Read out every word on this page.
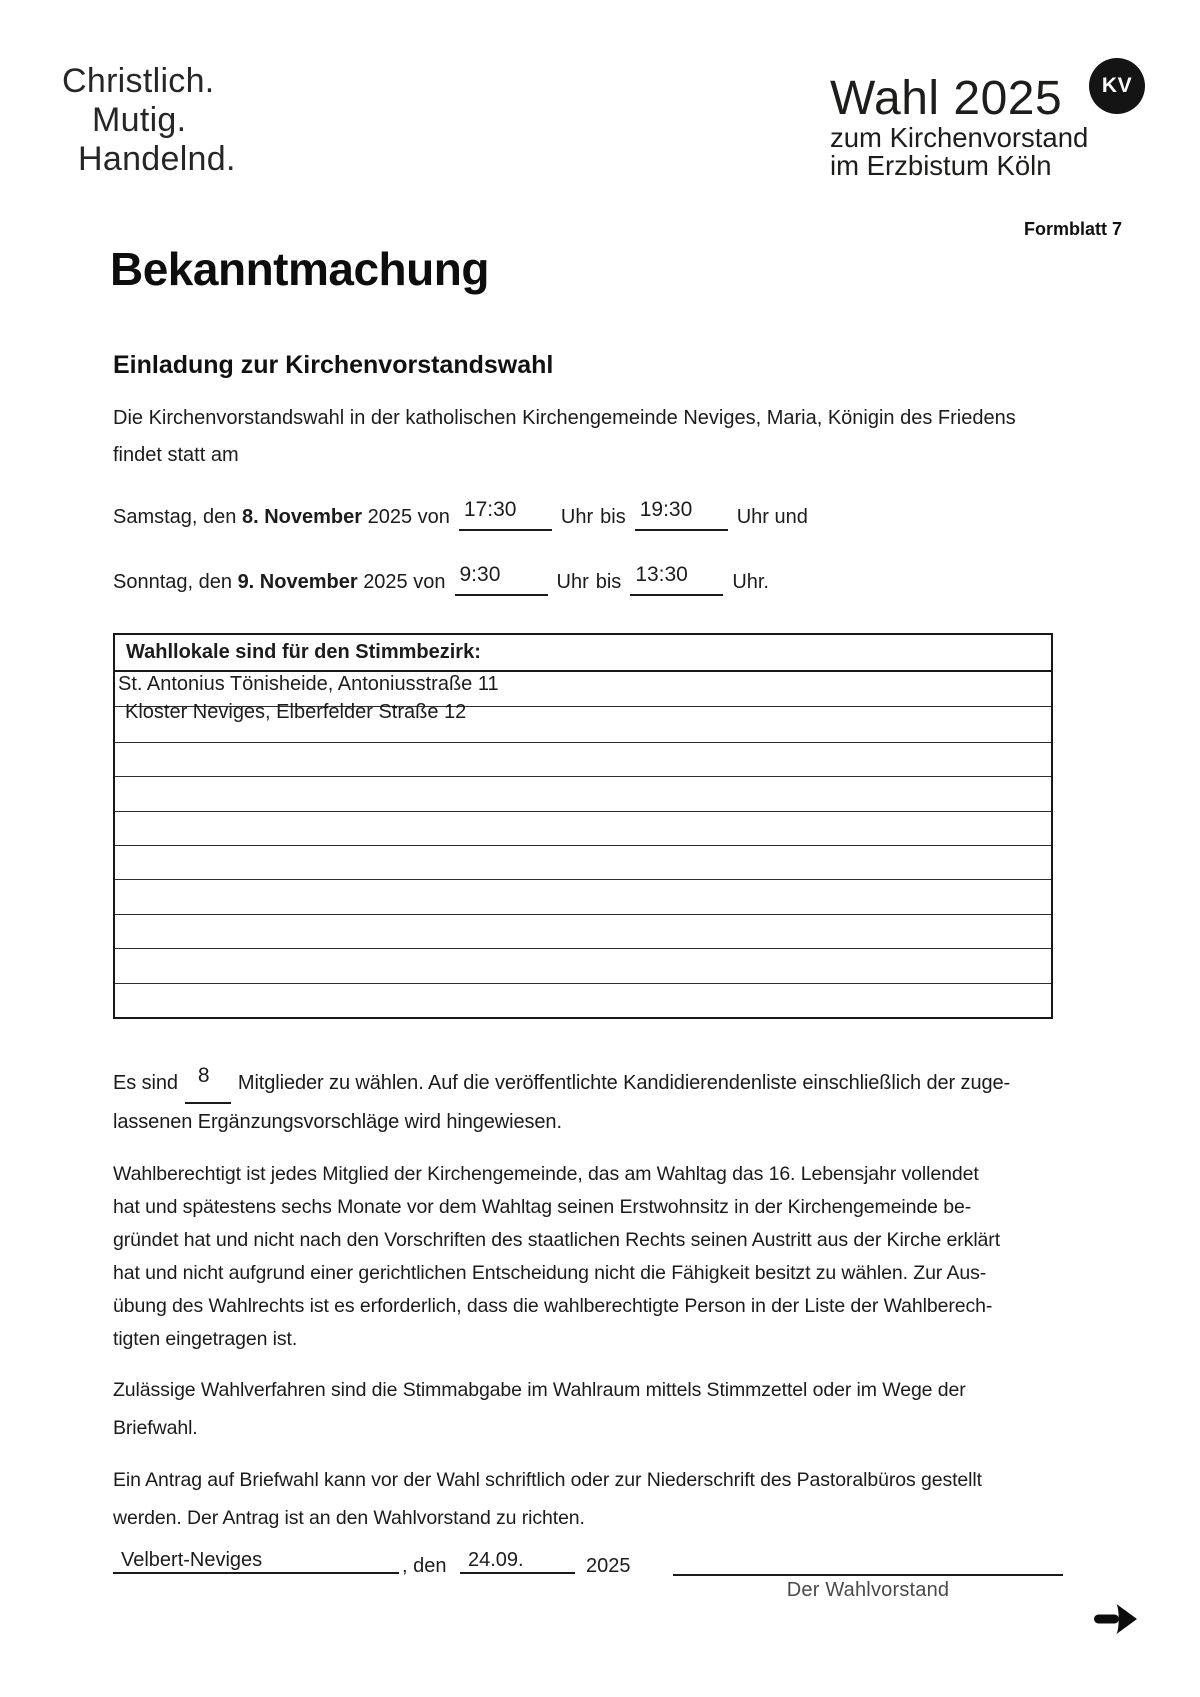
Christlich.
Mutig.
Handelnd.
Wahl 2025
zum Kirchenvorstand
im Erzbistum Köln
KV
Formblatt 7
Bekanntmachung
Einladung zur Kirchenvorstandswahl
Die Kirchenvorstandswahl in der katholischen Kirchengemeinde Neviges, Maria, Königin des Friedens
findet statt am
Samstag, den 8. November 2025 von 17:30 Uhr bis 19:30 Uhr und
Sonntag, den 9. November 2025 von 9:30	Uhr bis 13:30 Uhr.
Wahllokale sind für den Stimmbezirk:
St. Antonius Tönisheide, Antoniusstraße 11
Kloster Neviges, Elberfelder Straße 12
Es sind 8 Mitglieder zu wählen. Auf die veröffentlichte Kandidierendenliste einschließlich der zuge-
lassenen Ergänzungsvorschläge wird hingewiesen.
Wahlberechtigt ist jedes Mitglied der Kirchengemeinde, das am Wahltag das 16. Lebensjahr vollendet
hat und spätestens sechs Monate vor dem Wahltag seinen Erstwohnsitz in der Kirchengemeinde be-
gründet hat und nicht nach den Vorschriften des staatlichen Rechts seinen Austritt aus der Kirche erklärt
hat und nicht aufgrund einer gerichtlichen Entscheidung nicht die Fähigkeit besitzt zu wählen. Zur Aus-
übung des Wahlrechts ist es erforderlich, dass die wahlberechtigte Person in der Liste der Wahlberech-
tigten eingetragen ist.
Zulässige Wahlverfahren sind die Stimmabgabe im Wahlraum mittels Stimmzettel oder im Wege der
Briefwahl.
Ein Antrag auf Briefwahl kann vor der Wahl schriftlich oder zur Niederschrift des Pastoralbüros gestellt
werden. Der Antrag ist an den Wahlvorstand zu richten.
Velbert-Neviges	, den	24.09.	2025
Der Wahlvorstand
